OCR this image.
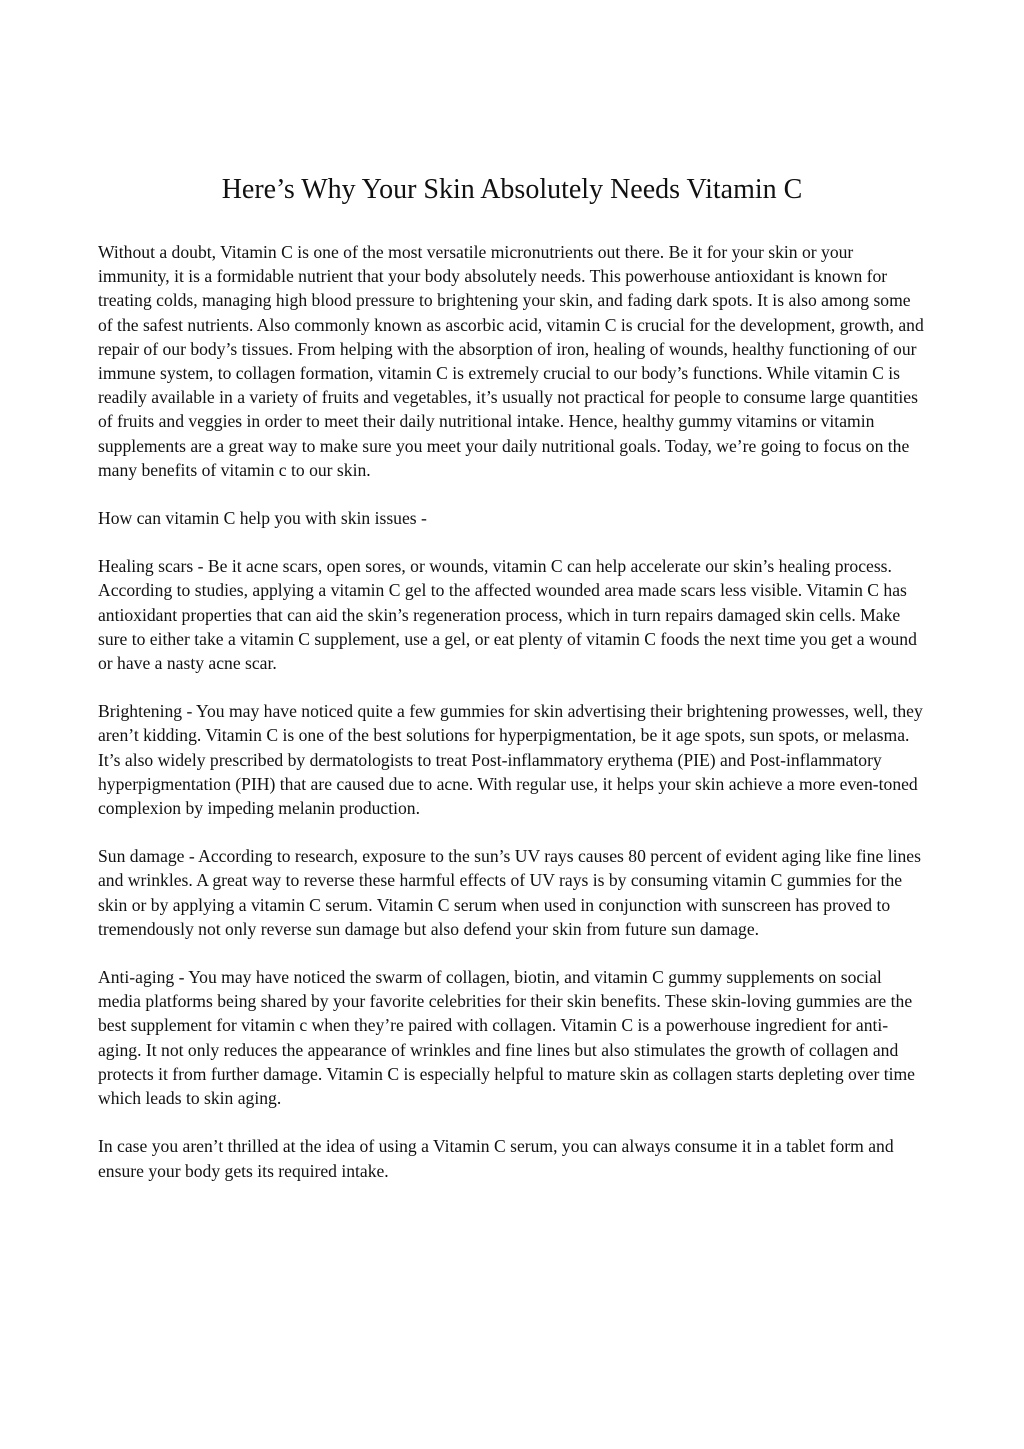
Here’s Why Your Skin Absolutely Needs Vitamin C

Without a doubt, Vitamin C is one of the most versatile micronutrients out there. Be it for your skin or your immunity, it is a formidable nutrient that your body absolutely needs. This powerhouse antioxidant is known for treating colds, managing high blood pressure to brightening your skin, and fading dark spots. It is also among some of the safest nutrients. Also commonly known as ascorbic acid, vitamin C is crucial for the development, growth, and repair of our body’s tissues. From helping with the absorption of iron, healing of wounds, healthy functioning of our immune system, to collagen formation, vitamin C is extremely crucial to our body’s functions. While vitamin C is readily available in a variety of fruits and vegetables, it’s usually not practical for people to consume large quantities of fruits and veggies in order to meet their daily nutritional intake. Hence, healthy gummy vitamins or vitamin supplements are a great way to make sure you meet your daily nutritional goals. Today, we’re going to focus on the many benefits of vitamin c to our skin.

How can vitamin C help you with skin issues -

Healing scars - Be it acne scars, open sores, or wounds, vitamin C can help accelerate our skin’s healing process. According to studies, applying a vitamin C gel to the affected wounded area made scars less visible. Vitamin C has antioxidant properties that can aid the skin’s regeneration process, which in turn repairs damaged skin cells. Make sure to either take a vitamin C supplement, use a gel, or eat plenty of vitamin C foods the next time you get a wound or have a nasty acne scar.

Brightening - You may have noticed quite a few gummies for skin advertising their brightening prowesses, well, they aren’t kidding. Vitamin C is one of the best solutions for hyperpigmentation, be it age spots, sun spots, or melasma. It’s also widely prescribed by dermatologists to treat Post-inflammatory erythema (PIE) and Post-inflammatory hyperpigmentation (PIH) that are caused due to acne. With regular use, it helps your skin achieve a more even-toned complexion by impeding melanin production.

Sun damage - According to research, exposure to the sun’s UV rays causes 80 percent of evident aging like fine lines and wrinkles. A great way to reverse these harmful effects of UV rays is by consuming vitamin C gummies for the skin or by applying a vitamin C serum. Vitamin C serum when used in conjunction with sunscreen has proved to tremendously not only reverse sun damage but also defend your skin from future sun damage.

Anti-aging - You may have noticed the swarm of collagen, biotin, and vitamin C gummy supplements on social media platforms being shared by your favorite celebrities for their skin benefits. These skin-loving gummies are the best supplement for vitamin c when they’re paired with collagen. Vitamin C is a powerhouse ingredient for anti-aging. It not only reduces the appearance of wrinkles and fine lines but also stimulates the growth of collagen and protects it from further damage. Vitamin C is especially helpful to mature skin as collagen starts depleting over time which leads to skin aging.

In case you aren’t thrilled at the idea of using a Vitamin C serum, you can always consume it in a tablet form and ensure your body gets its required intake.
